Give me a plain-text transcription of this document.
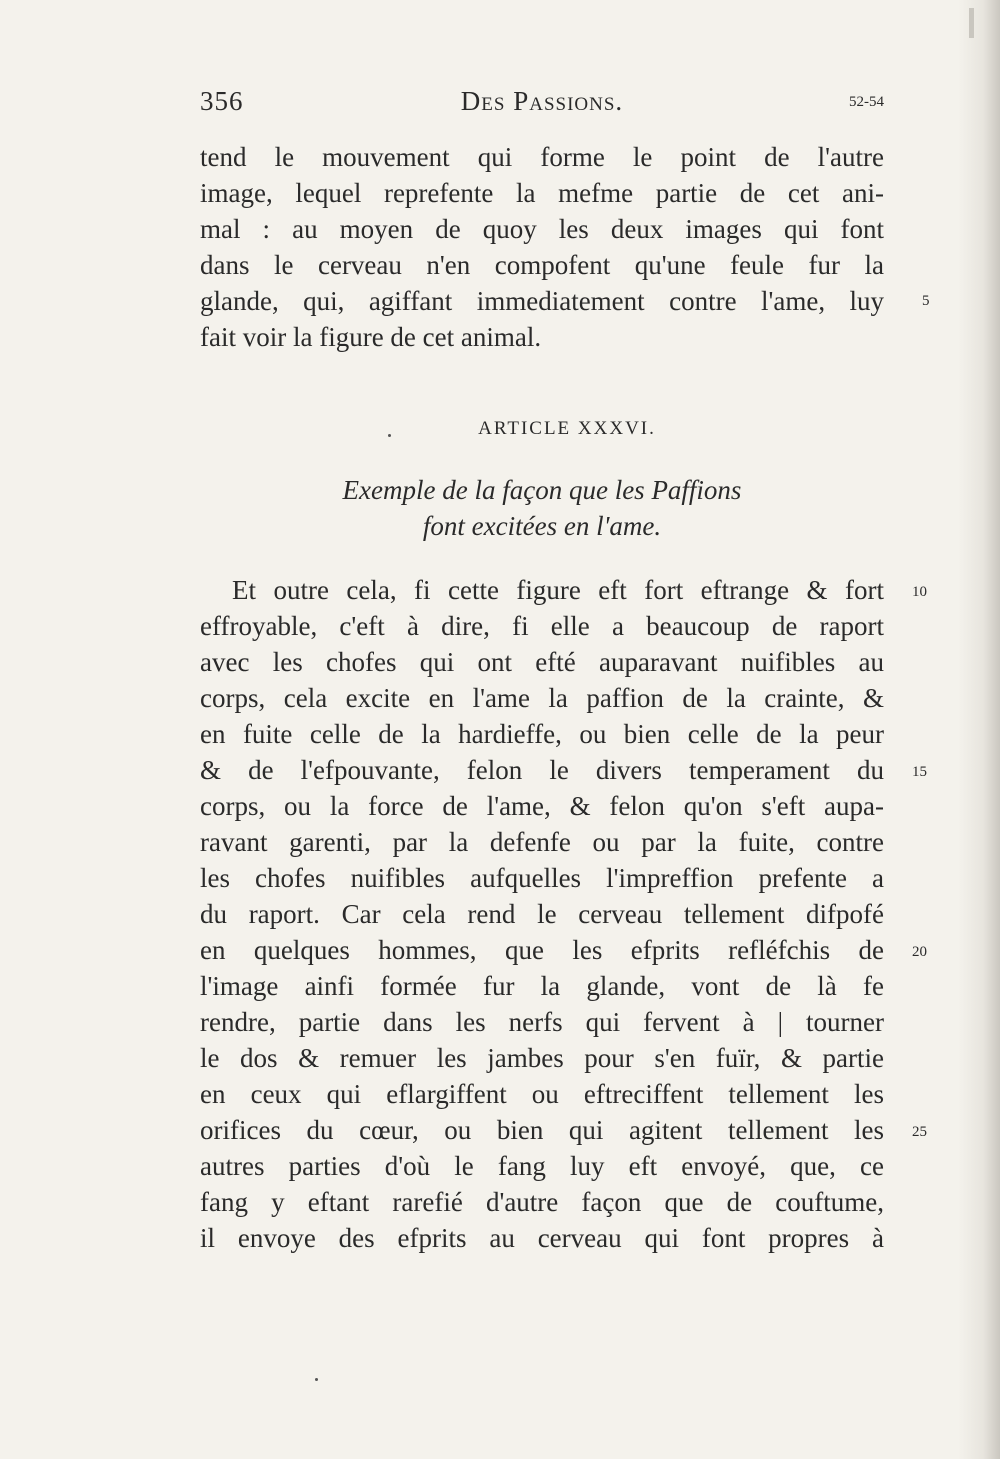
356	Des Passions.	52-54
tend le mouvement qui forme le point de l'autre
image, lequel reprefente la mefme partie de cet ani-
mal : au moyen de quoy les deux images qui font
dans le cerveau n'en compofent qu'une feule fur la
glande, qui, agiffant immediatement contre l'ame, luy
fait voir la figure de cet animal.
5
ARTICLE XXXVI.
Exemple de la façon que les Paffions
font excitées en l'ame.
Et outre cela, fi cette figure eft fort eftrange & fort
effroyable, c'eft à dire, fi elle a beaucoup de raport
avec les chofes qui ont efté auparavant nuifibles au
corps, cela excite en l'ame la paffion de la crainte, &
en fuite celle de la hardieffe, ou bien celle de la peur
& de l'efpouvante, felon le divers temperament du
corps, ou la force de l'ame, & felon qu'on s'eft aupa-
ravant garenti, par la defenfe ou par la fuite, contre
les chofes nuifibles aufquelles l'impreffion prefente a
du raport. Car cela rend le cerveau tellement difpofé
en quelques hommes, que les efprits refléfchis de
l'image ainfi formée fur la glande, vont de là fe
rendre, partie dans les nerfs qui fervent à | tourner
le dos & remuer les jambes pour s'en fuïr, & partie
en ceux qui eflargiffent ou eftreciffent tellement les
orifices du cœur, ou bien qui agitent tellement les
autres parties d'où le fang luy eft envoyé, que, ce
fang y eftant rarefié d'autre façon que de couftume,
il envoye des efprits au cerveau qui font propres à
10
15
20
25
